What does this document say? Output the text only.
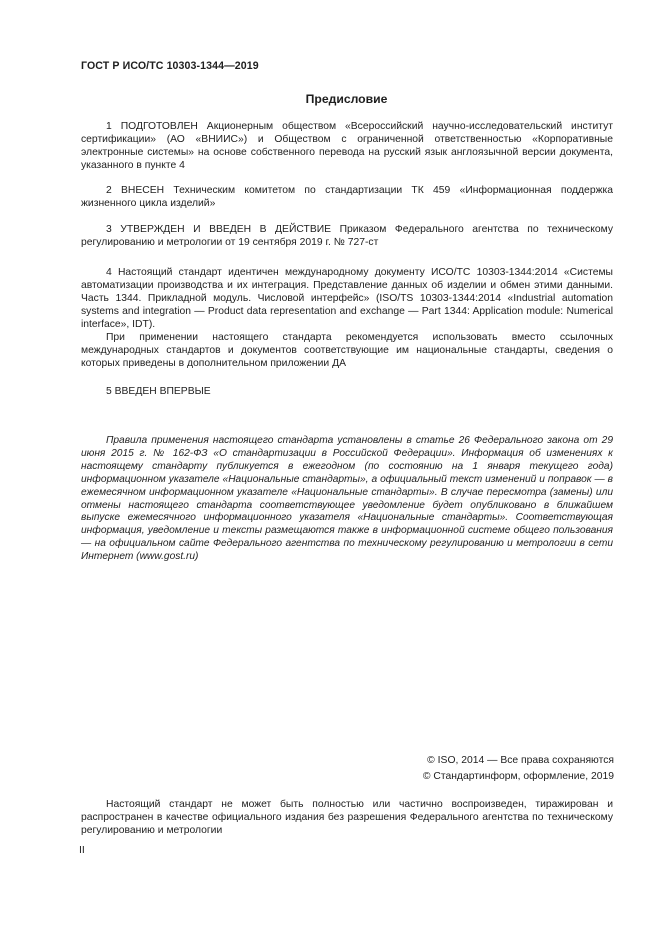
ГОСТ Р ИСО/ТС 10303-1344—2019
Предисловие

1 ПОДГОТОВЛЕН Акционерным обществом «Всероссийский научно-исследовательский институт сертификации» (АО «ВНИИС») и Обществом с ограниченной ответственностью «Корпоративные электронные системы» на основе собственного перевода на русский язык англоязычной версии документа, указанного в пункте 4

2 ВНЕСЕН Техническим комитетом по стандартизации ТК 459 «Информационная поддержка жизненного цикла изделий»

3 УТВЕРЖДЕН И ВВЕДЕН В ДЕЙСТВИЕ Приказом Федерального агентства по техническому регулированию и метрологии от 19 сентября 2019 г. № 727-ст

4 Настоящий стандарт идентичен международному документу ИСО/ТС 10303-1344:2014 «Системы автоматизации производства и их интеграция. Представление данных об изделии и обмен этими данными. Часть 1344. Прикладной модуль. Числовой интерфейс» (ISO/TS 10303-1344:2014 «Industrial automation systems and integration — Product data representation and exchange — Part 1344: Application module: Numerical interface», IDT).

При применении настоящего стандарта рекомендуется использовать вместо ссылочных международных стандартов и документов соответствующие им национальные стандарты, сведения о которых приведены в дополнительном приложении ДА

5 ВВЕДЕН ВПЕРВЫЕ

Правила применения настоящего стандарта установлены в статье 26 Федерального закона от 29 июня 2015 г. № 162-ФЗ «О стандартизации в Российской Федерации». Информация об изменениях к настоящему стандарту публикуется в ежегодном (по состоянию на 1 января текущего года) информационном указателе «Национальные стандарты», а официальный текст изменений и поправок — в ежемесячном информационном указателе «Национальные стандарты». В случае пересмотра (замены) или отмены настоящего стандарта соответствующее уведомление будет опубликовано в ближайшем выпуске ежемесячного информационного указателя «Национальные стандарты». Соответствующая информация, уведомление и тексты размещаются также в информационной системе общего пользования — на официальном сайте Федерального агентства по техническому регулированию и метрологии в сети Интернет (www.gost.ru)

© ISO, 2014 — Все права сохраняются
© Стандартинформ, оформление, 2019

Настоящий стандарт не может быть полностью или частично воспроизведен, тиражирован и распространен в качестве официального издания без разрешения Федерального агентства по техническому регулированию и метрологии

II
